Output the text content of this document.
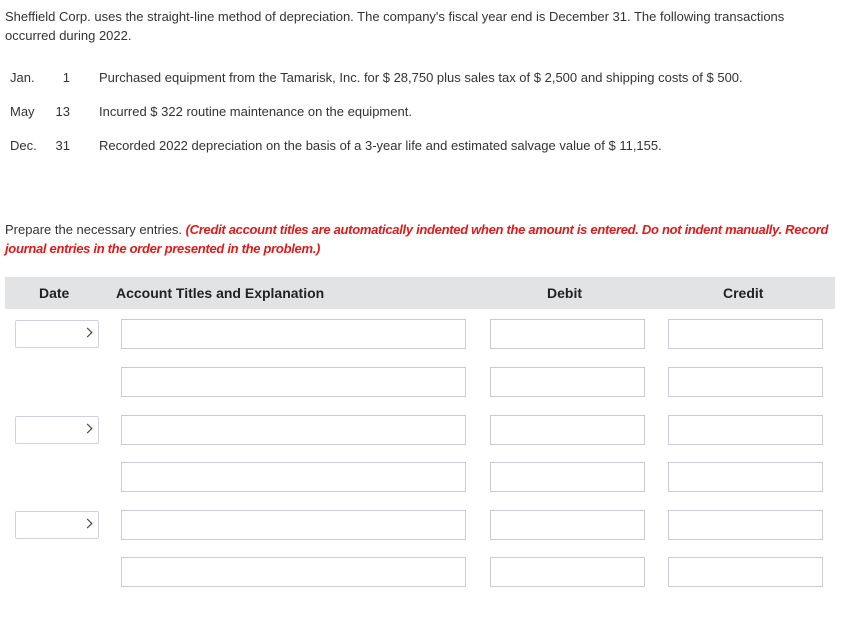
Sheffield Corp. uses the straight-line method of depreciation. The company's fiscal year end is December 31. The following transactions occurred during 2022.
Jan.	1 Purchased equipment from the Tamarisk, Inc. for $ 28,750 plus sales tax of $ 2,500 and shipping costs of $ 500.
May	13 Incurred $ 322 routine maintenance on the equipment.
Dec.	31 Recorded 2022 depreciation on the basis of a 3-year life and estimated salvage value of $ 11,155.
Prepare the necessary entries. (Credit account titles are automatically indented when the amount is entered. Do not indent manually. Record journal entries in the order presented in the problem.)
Date	Account Titles and Explanation	Debit	Credit
